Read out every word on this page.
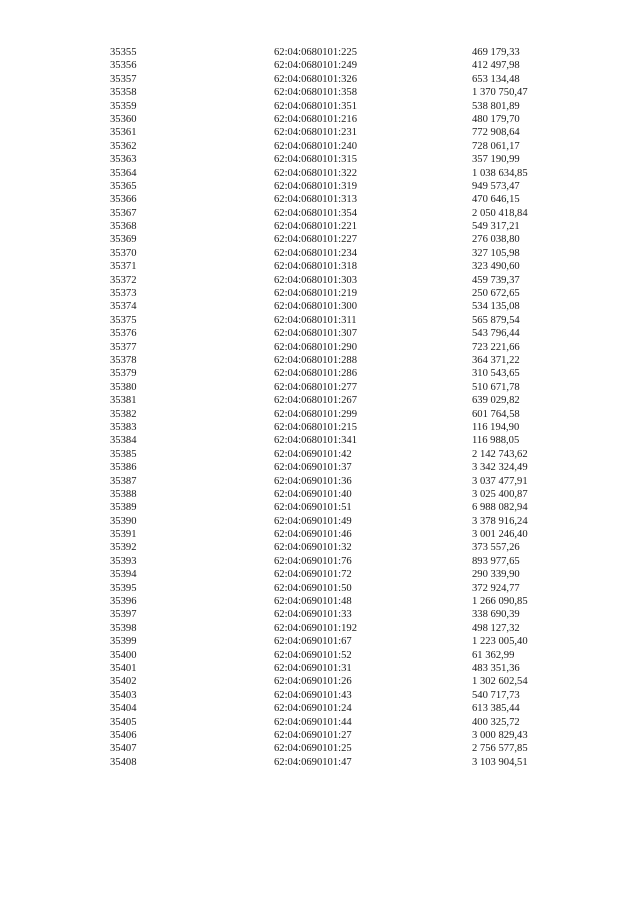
35355	62:04:0680101:225	469 179,33
35356	62:04:0680101:249	412 497,98
35357	62:04:0680101:326	653 134,48
35358	62:04:0680101:358	1 370 750,47
35359	62:04:0680101:351	538 801,89
35360	62:04:0680101:216	480 179,70
35361	62:04:0680101:231	772 908,64
35362	62:04:0680101:240	728 061,17
35363	62:04:0680101:315	357 190,99
35364	62:04:0680101:322	1 038 634,85
35365	62:04:0680101:319	949 573,47
35366	62:04:0680101:313	470 646,15
35367	62:04:0680101:354	2 050 418,84
35368	62:04:0680101:221	549 317,21
35369	62:04:0680101:227	276 038,80
35370	62:04:0680101:234	327 105,98
35371	62:04:0680101:318	323 490,60
35372	62:04:0680101:303	459 739,37
35373	62:04:0680101:219	250 672,65
35374	62:04:0680101:300	534 135,08
35375	62:04:0680101:311	565 879,54
35376	62:04:0680101:307	543 796,44
35377	62:04:0680101:290	723 221,66
35378	62:04:0680101:288	364 371,22
35379	62:04:0680101:286	310 543,65
35380	62:04:0680101:277	510 671,78
35381	62:04:0680101:267	639 029,82
35382	62:04:0680101:299	601 764,58
35383	62:04:0680101:215	116 194,90
35384	62:04:0680101:341	116 988,05
35385	62:04:0690101:42	2 142 743,62
35386	62:04:0690101:37	3 342 324,49
35387	62:04:0690101:36	3 037 477,91
35388	62:04:0690101:40	3 025 400,87
35389	62:04:0690101:51	6 988 082,94
35390	62:04:0690101:49	3 378 916,24
35391	62:04:0690101:46	3 001 246,40
35392	62:04:0690101:32	373 557,26
35393	62:04:0690101:76	893 977,65
35394	62:04:0690101:72	290 339,90
35395	62:04:0690101:50	372 924,77
35396	62:04:0690101:48	1 266 090,85
35397	62:04:0690101:33	338 690,39
35398	62:04:0690101:192	498 127,32
35399	62:04:0690101:67	1 223 005,40
35400	62:04:0690101:52	61 362,99
35401	62:04:0690101:31	483 351,36
35402	62:04:0690101:26	1 302 602,54
35403	62:04:0690101:43	540 717,73
35404	62:04:0690101:24	613 385,44
35405	62:04:0690101:44	400 325,72
35406	62:04:0690101:27	3 000 829,43
35407	62:04:0690101:25	2 756 577,85
35408	62:04:0690101:47	3 103 904,51
